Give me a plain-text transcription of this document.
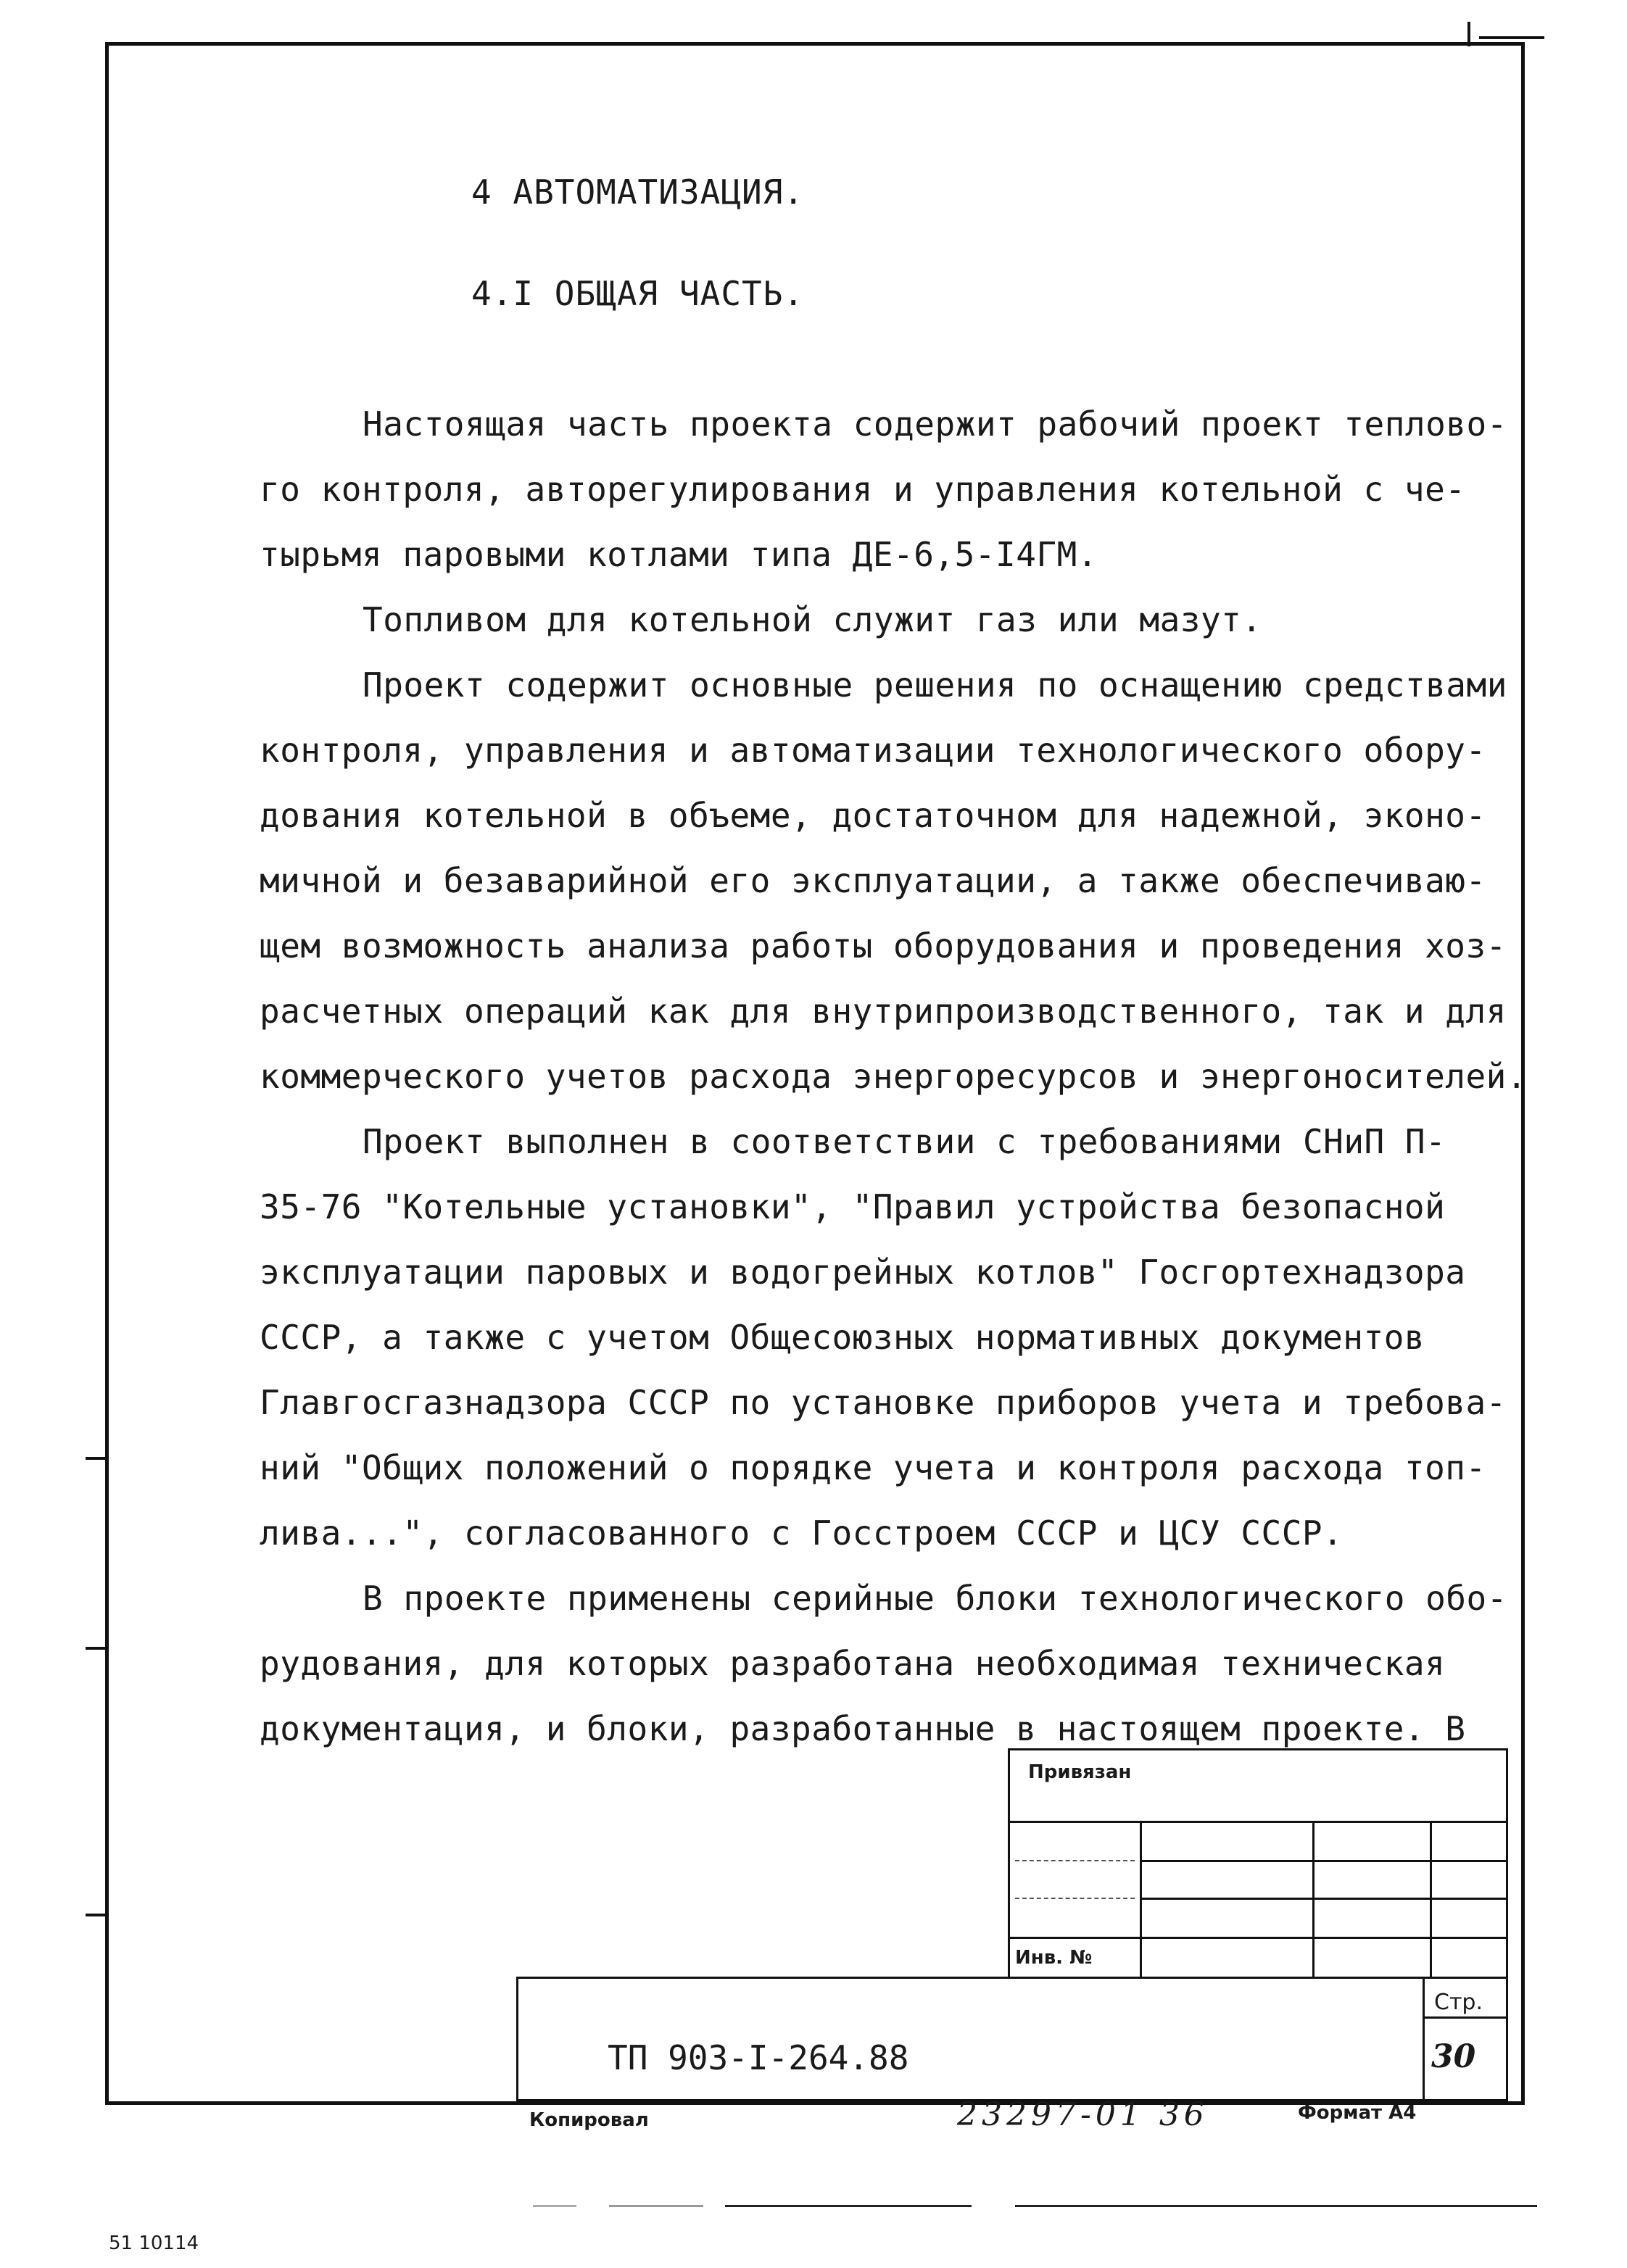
4 АВТОМАТИЗАЦИЯ.
4.I ОБЩАЯ ЧАСТЬ.
Настоящая часть проекта содержит рабочий проект теплово-
го контроля, авторегулирования и управления котельной с че-
тырьмя паровыми котлами типа ДЕ-6,5-I4ГМ.
Топливом для котельной служит газ или мазут.
Проект содержит основные решения по оснащению средствами
контроля, управления и автоматизации технологического обору-
дования котельной в объеме, достаточном для надежной, эконо-
мичной и безаварийной его эксплуатации, а также обеспечиваю-
щем возможность анализа работы оборудования и проведения хоз-
расчетных операций как для внутрипроизводственного, так и для
коммерческого учетов расхода энергоресурсов и энергоносителей.
Проект выполнен в соответствии с требованиями СНиП П-
35-76 "Котельные установки", "Правил устройства безопасной
эксплуатации паровых и водогрейных котлов" Госгортехнадзора
СССР, а также с учетом Общесоюзных нормативных документов
Главгосгазнадзора СССР по установке приборов учета и требова-
ний "Общих положений о порядке учета и контроля расхода топ-
лива...", согласованного с Госстроем СССР и ЦСУ СССР.
В проекте применены серийные блоки технологического обо-
рудования, для которых разработана необходимая техническая
документация, и блоки, разработанные в настоящем проекте. В
Привязан
Инв. №
Стр.
30
ТП 903-I-264.88
Копировал	23297-01 36	Формат А4
51 10114
